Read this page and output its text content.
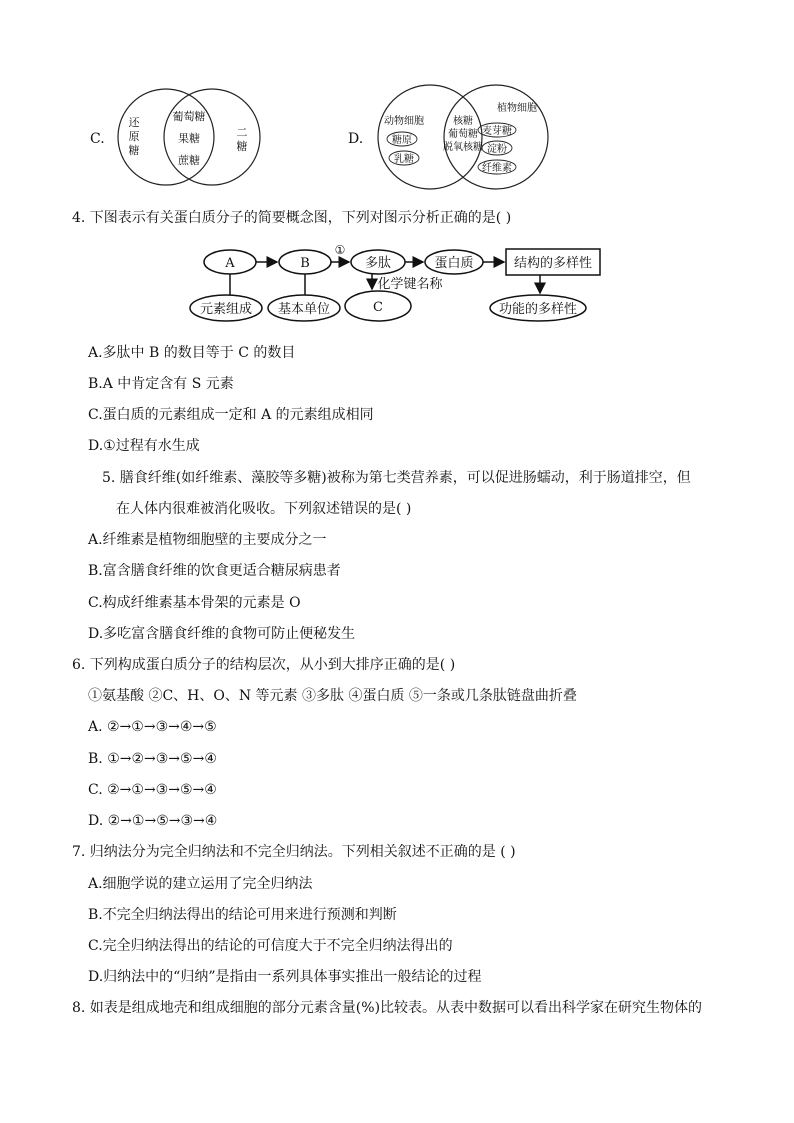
C.
还
原
糖
葡萄糖
果糖
蔗糖
二
糖	D.
动物细胞
糖原
乳糖
核糖
葡萄糖
脱氧核糖
植物细胞
麦芽糖
淀粉
纤维素
4. 下图表示有关蛋白质分子的简要概念图，下列对图示分析正确的是( )
A	B
①
多肽	蛋白质	结构的多样性
化学键名称
元素组成 基本单位	C	功能的多样性
A.多肽中 B 的数目等于 C 的数目
B.A 中肯定含有 S 元素
C.蛋白质的元素组成一定和 A 的元素组成相同
D.①过程有水生成
5. 膳食纤维(如纤维素、藻胶等多糖)被称为第七类营养素，可以促进肠蠕动，利于肠道排空，但
在人体内很难被消化吸收。下列叙述错误的是( )
A.纤维素是植物细胞壁的主要成分之一
B.富含膳食纤维的饮食更适合糖尿病患者
C.构成纤维素基本骨架的元素是 O
D.多吃富含膳食纤维的食物可防止便秘发生
6. 下列构成蛋白质分子的结构层次，从小到大排序正确的是( )
①氨基酸 ②C、H、O、N 等元素 ③多肽 ④蛋白质 ⑤一条或几条肽链盘曲折叠
A. ②→①→③→④→⑤
B. ①→②→③→⑤→④
C. ②→①→③→⑤→④
D. ②→①→⑤→③→④
7. 归纳法分为完全归纳法和不完全归纳法。下列相关叙述不正确的是 ( )
A.细胞学说的建立运用了完全归纳法
B.不完全归纳法得出的结论可用来进行预测和判断
C.完全归纳法得出的结论的可信度大于不完全归纳法得出的
D.归纳法中的“归纳”是指由一系列具体事实推出一般结论的过程
8. 如表是组成地壳和组成细胞的部分元素含量(%)比较表。从表中数据可以看出科学家在研究生物体的
